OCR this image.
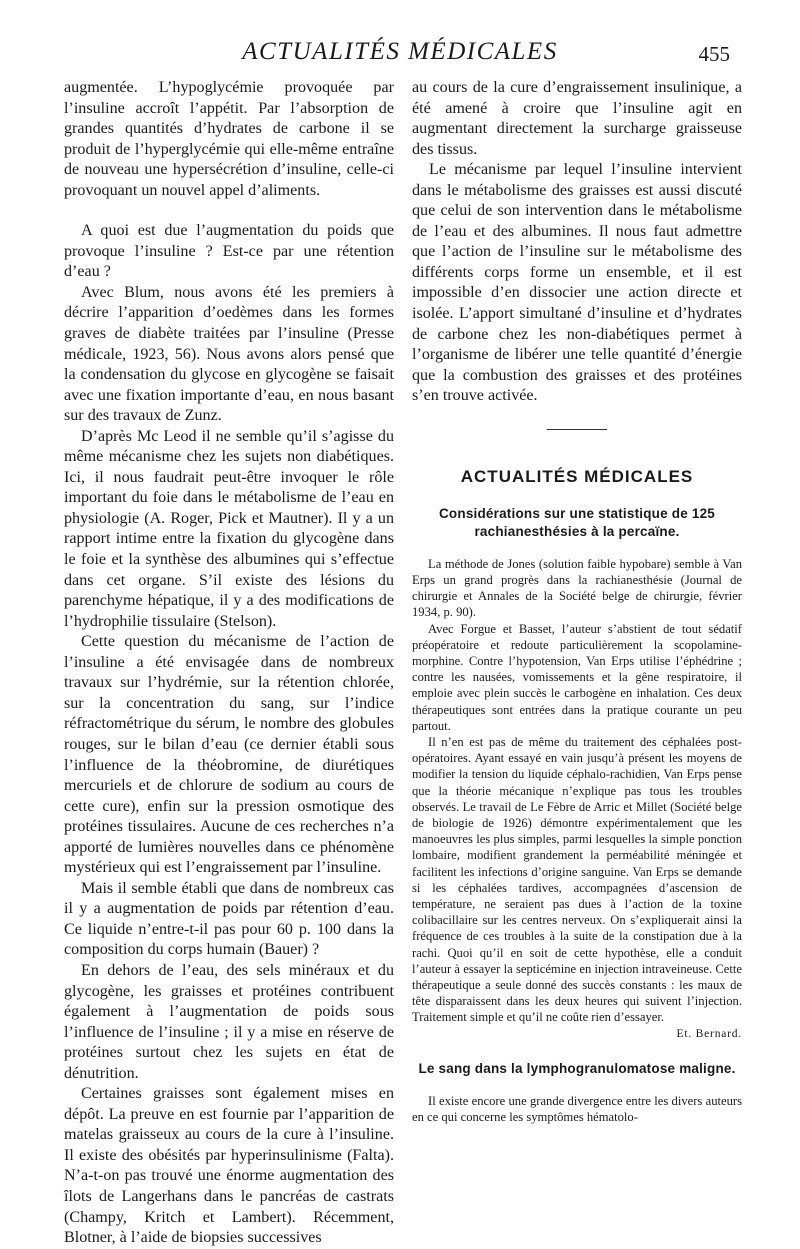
ACTUALITÉS MÉDICALES	455

augmentée. L’hypoglycémie provoquée par l’insuline accroît l’appétit. Par l’absorption de grandes quantités d’hydrates de carbone il se produit de l’hyperglycémie qui elle-même entraîne de nouveau une hypersécrétion d’insuline, celle-ci provoquant un nouvel appel d’aliments.

A quoi est due l’augmentation du poids que provoque l’insuline ? Est-ce par une rétention d’eau ?

Avec Blum, nous avons été les premiers à décrire l’apparition d’oedèmes dans les formes graves de diabète traitées par l’insuline (Presse médicale, 1923, 56). Nous avons alors pensé que la condensation du glycose en glycogène se faisait avec une fixation importante d’eau, en nous basant sur des travaux de Zunz.

D’après Mc Leod il ne semble qu’il s’agisse du même mécanisme chez les sujets non diabétiques. Ici, il nous faudrait peut-être invoquer le rôle important du foie dans le métabolisme de l’eau en physiologie (A. Roger, Pick et Mautner). Il y a un rapport intime entre la fixation du glycogène dans le foie et la synthèse des albumines qui s’effectue dans cet organe. S’il existe des lésions du parenchyme hépatique, il y a des modifications de l’hydrophilie tissulaire (Stelson).

Cette question du mécanisme de l’action de l’insuline a été envisagée dans de nombreux travaux sur l’hydrémie, sur la rétention chlorée, sur la concentration du sang, sur l’indice réfractométrique du sérum, le nombre des globules rouges, sur le bilan d’eau (ce dernier établi sous l’influence de la théobromine, de diurétiques mercuriels et de chlorure de sodium au cours de cette cure), enfin sur la pression osmotique des protéines tissulaires. Aucune de ces recherches n’a apporté de lumières nouvelles dans ce phénomène mystérieux qui est l’engraissement par l’insuline.

Mais il semble établi que dans de nombreux cas il y a augmentation de poids par rétention d’eau. Ce liquide n’entre-t-il pas pour 60 p. 100 dans la composition du corps humain (Bauer) ?

En dehors de l’eau, des sels minéraux et du glycogène, les graisses et protéines contribuent également à l’augmentation de poids sous l’influence de l’insuline ; il y a mise en réserve de protéines surtout chez les sujets en état de dénutrition.

Certaines graisses sont également mises en dépôt. La preuve en est fournie par l’apparition de matelas graisseux au cours de la cure à l’insuline. Il existe des obésités par hyperinsulinisme (Falta). N’a-t-on pas trouvé une énorme augmentation des îlots de Langerhans dans le pancréas de castrats (Champy, Kritch et Lambert). Récemment, Blotner, à l’aide de biopsies successives

au cours de la cure d’engraissement insulinique, a été amené à croire que l’insuline agit en augmentant directement la surcharge graisseuse des tissus.

Le mécanisme par lequel l’insuline intervient dans le métabolisme des graisses est aussi discuté que celui de son intervention dans le métabolisme de l’eau et des albumines. Il nous faut admettre que l’action de l’insuline sur le métabolisme des différents corps forme un ensemble, et il est impossible d’en dissocier une action directe et isolée. L’apport simultané d’insuline et d’hydrates de carbone chez les non-diabétiques permet à l’organisme de libérer une telle quantité d’énergie que la combustion des graisses et des protéines s’en trouve activée.

ACTUALITÉS MÉDICALES
Considérations sur une statistique de 125 rachianesthésies à la percaïne.

La méthode de Jones (solution faible hypobare) semble à Van Erps un grand progrès dans la rachianesthésie (Journal de chirurgie et Annales de la Société belge de chirurgie, février 1934, p. 90).

Avec Forgue et Basset, l’auteur s’abstient de tout sédatif préopératoire et redoute particulièrement la scopolamine-morphine. Contre l’hypotension, Van Erps utilise l’éphédrine ; contre les nausées, vomissements et la gêne respiratoire, il emploie avec plein succès le carbogène en inhalation. Ces deux thérapeutiques sont entrées dans la pratique courante un peu partout.

Il n’en est pas de même du traitement des céphalées post-opératoires. Ayant essayé en vain jusqu’à présent les moyens de modifier la tension du liquide céphalo-rachidien, Van Erps pense que la théorie mécanique n’explique pas tous les troubles observés. Le travail de Le Fèbre de Arric et Millet (Société belge de biologie de 1926) démontre expérimentalement que les manoeuvres les plus simples, parmi lesquelles la simple ponction lombaire, modifient grandement la perméabilité méningée et facilitent les infections d’origine sanguine. Van Erps se demande si les céphalées tardives, accompagnées d’ascension de température, ne seraient pas dues à l’action de la toxine colibacillaire sur les centres nerveux. On s’expliquerait ainsi la fréquence de ces troubles à la suite de la constipation due à la rachi. Quoi qu’il en soit de cette hypothèse, elle a conduit l’auteur à essayer la septicémine en injection intraveineuse. Cette thérapeutique a seule donné des succès constants : les maux de tête disparaissent dans les deux heures qui suivent l’injection. Traitement simple et qu’il ne coûte rien d’essayer.

Et. Bernard.
Le sang dans la lymphogranulomatose maligne.

Il existe encore une grande divergence entre les divers auteurs en ce qui concerne les symptômes hématolo-
